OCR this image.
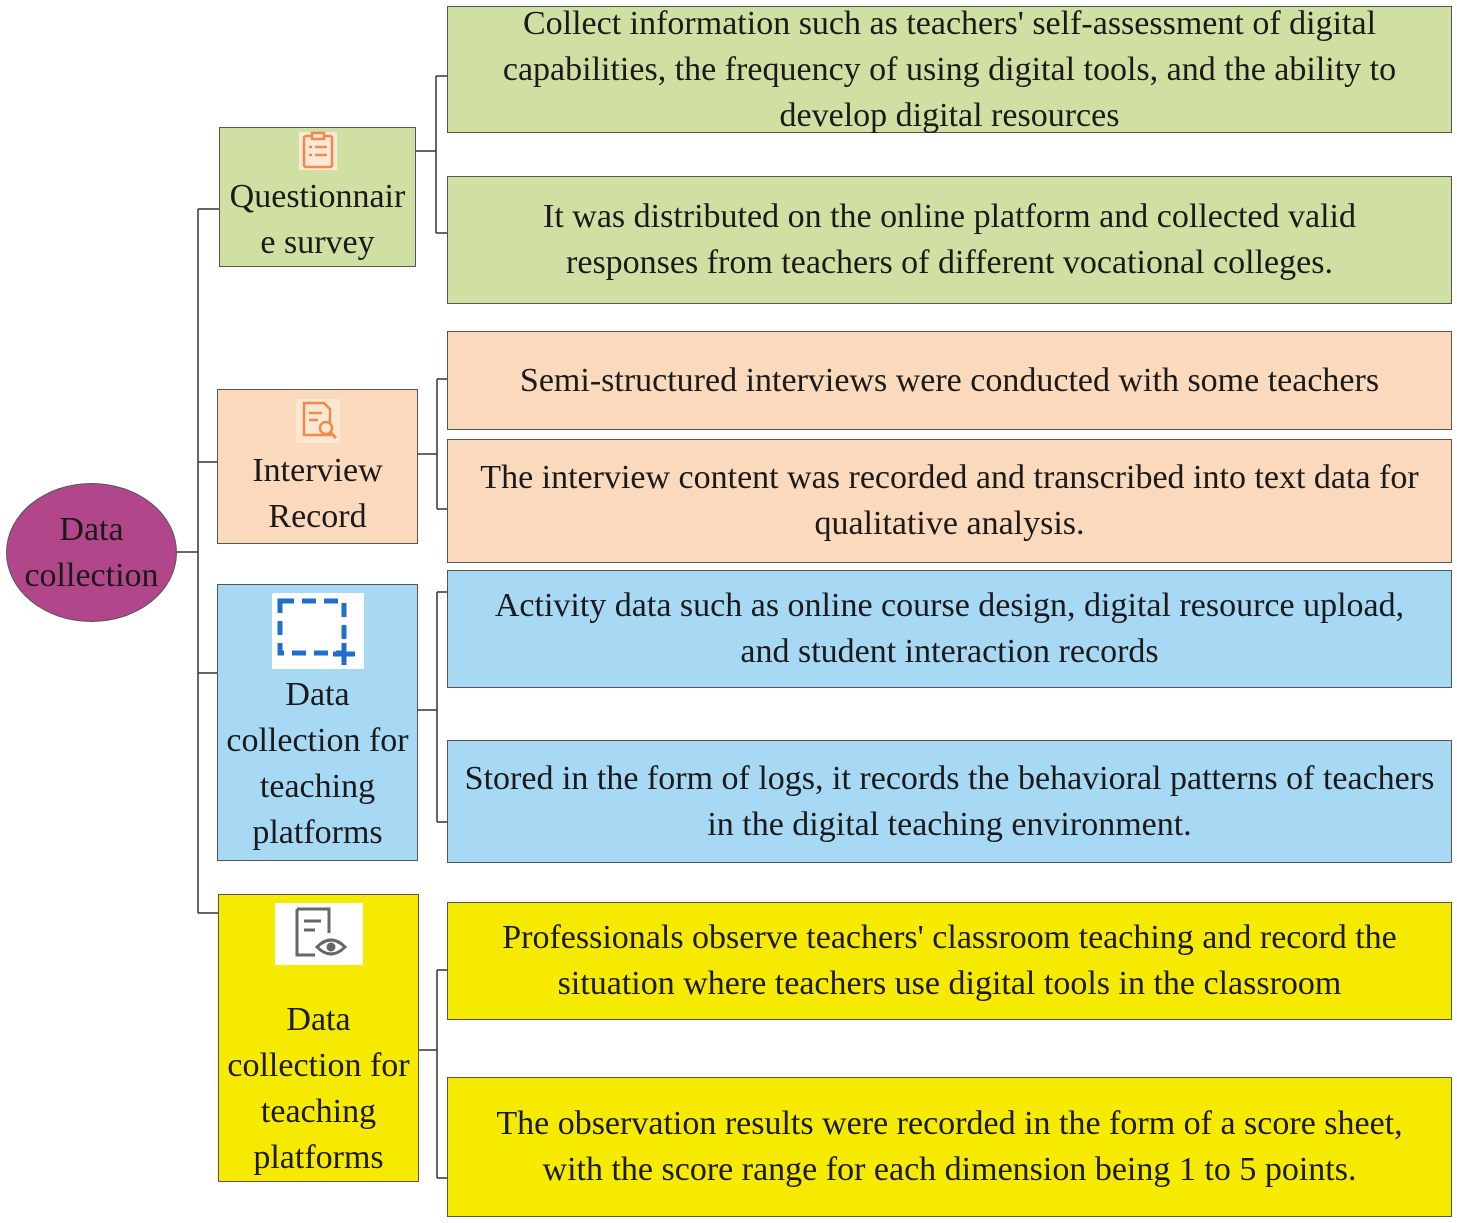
Data collection
Questionnaire survey
Collect information such as teachers' self-assessment of digital capabilities, the frequency of using digital tools, and the ability to develop digital resources
It was distributed on the online platform and collected valid responses from teachers of different vocational colleges.
Interview Record
Semi-structured interviews were conducted with some teachers
The interview content was recorded and transcribed into text data for qualitative analysis.
Data collection for teaching platforms
Activity data such as online course design, digital resource upload, and student interaction records
Stored in the form of logs, it records the behavioral patterns of teachers in the digital teaching environment.
Data collection for teaching platforms
Professionals observe teachers' classroom teaching and record the situation where teachers use digital tools in the classroom
The observation results were recorded in the form of a score sheet, with the score range for each dimension being 1 to 5 points.
